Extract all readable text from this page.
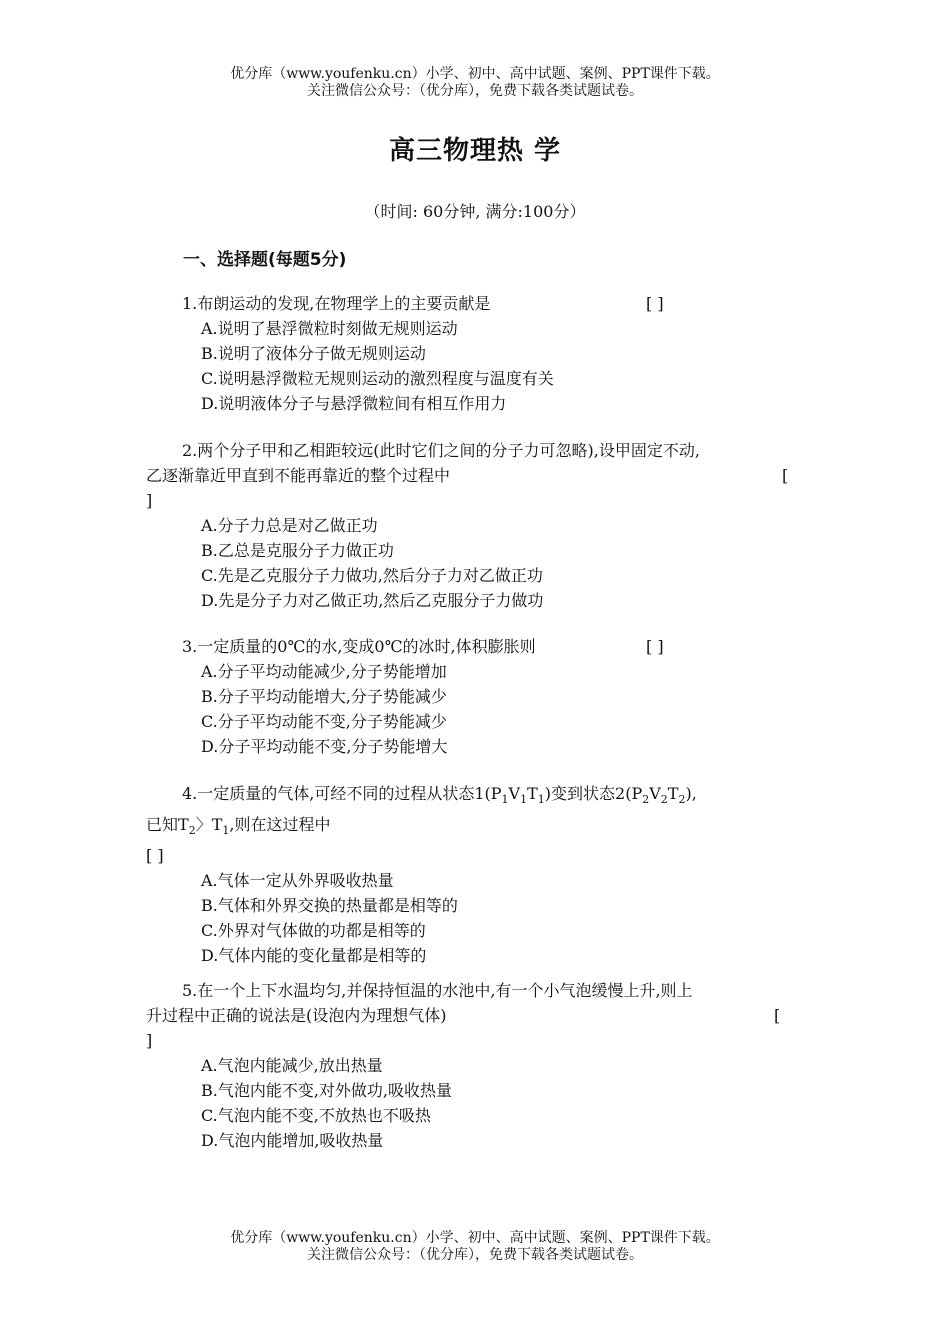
优分库（www.youfenku.cn）小学、初中、高中试题、案例、PPT课件下载。
关注微信公众号：（优分库），免费下载各类试题试卷。
高三物理热 学
（时间: 60分钟, 满分:100分）
一、选择题(每题5分)
1.布朗运动的发现,在物理学上的主要贡献是	[ ]
A.说明了悬浮微粒时刻做无规则运动
B.说明了液体分子做无规则运动
C.说明悬浮微粒无规则运动的激烈程度与温度有关
D.说明液体分子与悬浮微粒间有相互作用力
2.两个分子甲和乙相距较远(此时它们之间的分子力可忽略),设甲固定不动,
乙逐渐靠近甲直到不能再靠近的整个过程中	[
]
A.分子力总是对乙做正功
B.乙总是克服分子力做正功
C.先是乙克服分子力做功,然后分子力对乙做正功
D.先是分子力对乙做正功,然后乙克服分子力做功
3.一定质量的0℃的水,变成0℃的冰时,体积膨胀则	[ ]
A.分子平均动能减少,分子势能增加
B.分子平均动能增大,分子势能减少
C.分子平均动能不变,分子势能减少
D.分子平均动能不变,分子势能增大
4.一定质量的气体,可经不同的过程从状态$1(P_1V_1T_1)$变到状态$2(P_2V_2T_2)$,
已知$T_2$〉$T_1$,则在这过程中
[ ]
A.气体一定从外界吸收热量
B.气体和外界交换的热量都是相等的
C.外界对气体做的功都是相等的
D.气体内能的变化量都是相等的
5.在一个上下水温均匀,并保持恒温的水池中,有一个小气泡缓慢上升,则上
升过程中正确的说法是(设泡内为理想气体)	[
]
A.气泡内能减少,放出热量
B.气泡内能不变,对外做功,吸收热量
C.气泡内能不变,不放热也不吸热
D.气泡内能增加,吸收热量
优分库（www.youfenku.cn）小学、初中、高中试题、案例、PPT课件下载。
关注微信公众号：（优分库），免费下载各类试题试卷。
